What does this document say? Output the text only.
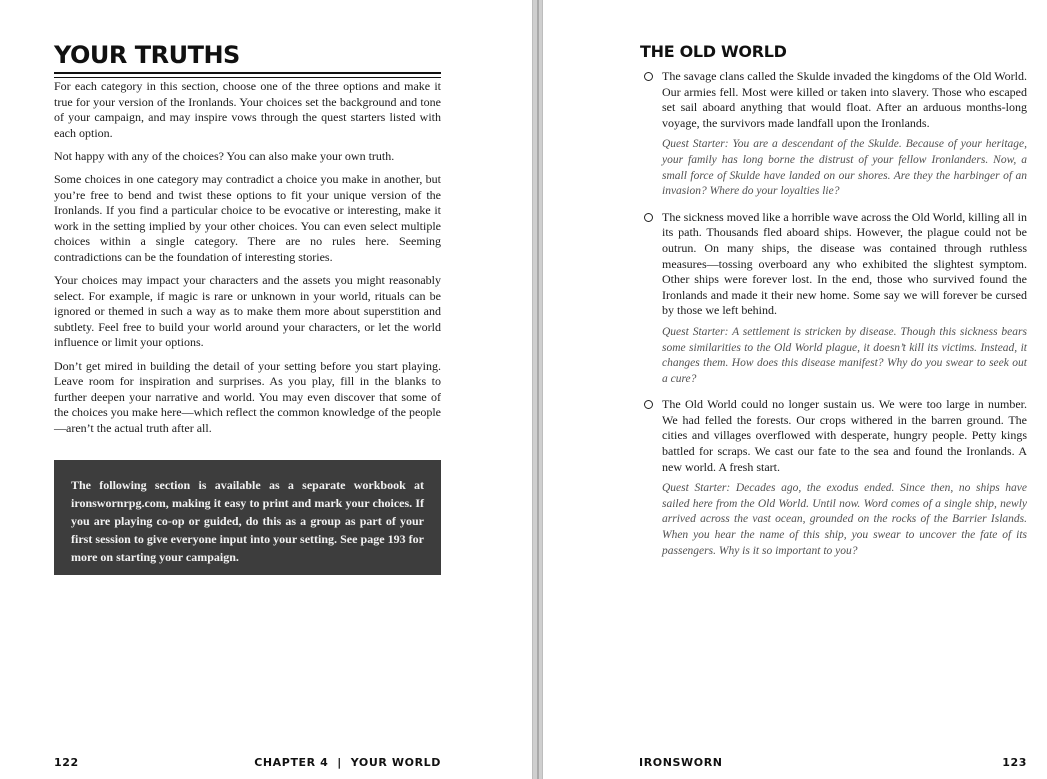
YOUR TRUTHS

For each category in this section, choose one of the three options and make it true for your version of the Ironlands. Your choices set the background and tone of your campaign, and may inspire vows through the quest starters listed with each option.

Not happy with any of the choices? You can also make your own truth.

Some choices in one category may contradict a choice you make in another, but you’re free to bend and twist these options to fit your unique version of the Ironlands. If you find a particular choice to be evocative or interesting, make it work in the setting implied by your other choices. You can even select multiple choices within a single category. There are no rules here. Seeming contradictions can be the foundation of interesting stories.

Your choices may impact your characters and the assets you might reasonably select. For example, if magic is rare or unknown in your world, rituals can be ignored or themed in such a way as to make them more about superstition and subtlety. Feel free to build your world around your characters, or let the world influence or limit your options.

Don’t get mired in building the detail of your setting before you start playing. Leave room for inspiration and surprises. As you play, fill in the blanks to further deepen your narrative and world. You may even discover that some of the choices you make here—which reflect the common knowledge of the people—aren’t the actual truth after all.

The following section is available as a separate workbook at ironswornrpg.com, making it easy to print and mark your choices. If you are playing co-op or guided, do this as a group as part of your first session to give everyone input into your setting. See page 193 for more on starting your campaign.
122	CHAPTER 4  |  YOUR WORLD
THE OLD WORLD

The savage clans called the Skulde invaded the kingdoms of the Old World. Our armies fell. Most were killed or taken into slavery. Those who escaped set sail aboard anything that would float. After an arduous months-long voyage, the survivors made landfall upon the Ironlands.

Quest Starter: You are a descendant of the Skulde. Because of your heritage, your family has long borne the distrust of your fellow Ironlanders. Now, a small force of Skulde have landed on our shores. Are they the harbinger of an invasion? Where do your loyalties lie?

The sickness moved like a horrible wave across the Old World, killing all in its path. Thousands fled aboard ships. However, the plague could not be outrun. On many ships, the disease was contained through ruthless measures—tossing overboard any who exhibited the slightest symptom. Other ships were forever lost. In the end, those who survived found the Ironlands and made it their new home. Some say we will forever be cursed by those we left behind.

Quest Starter: A settlement is stricken by disease. Though this sickness bears some similarities to the Old World plague, it doesn’t kill its victims. Instead, it changes them. How does this disease manifest? Why do you swear to seek out a cure?

The Old World could no longer sustain us. We were too large in number. We had felled the forests. Our crops withered in the barren ground. The cities and villages overflowed with desperate, hungry people. Petty kings battled for scraps. We cast our fate to the sea and found the Ironlands. A new world. A fresh start.

Quest Starter: Decades ago, the exodus ended. Since then, no ships have sailed here from the Old World. Until now. Word comes of a single ship, newly arrived across the vast ocean, grounded on the rocks of the Barrier Islands. When you hear the name of this ship, you swear to uncover the fate of its passengers. Why is it so important to you?

IRONSWORN	123
